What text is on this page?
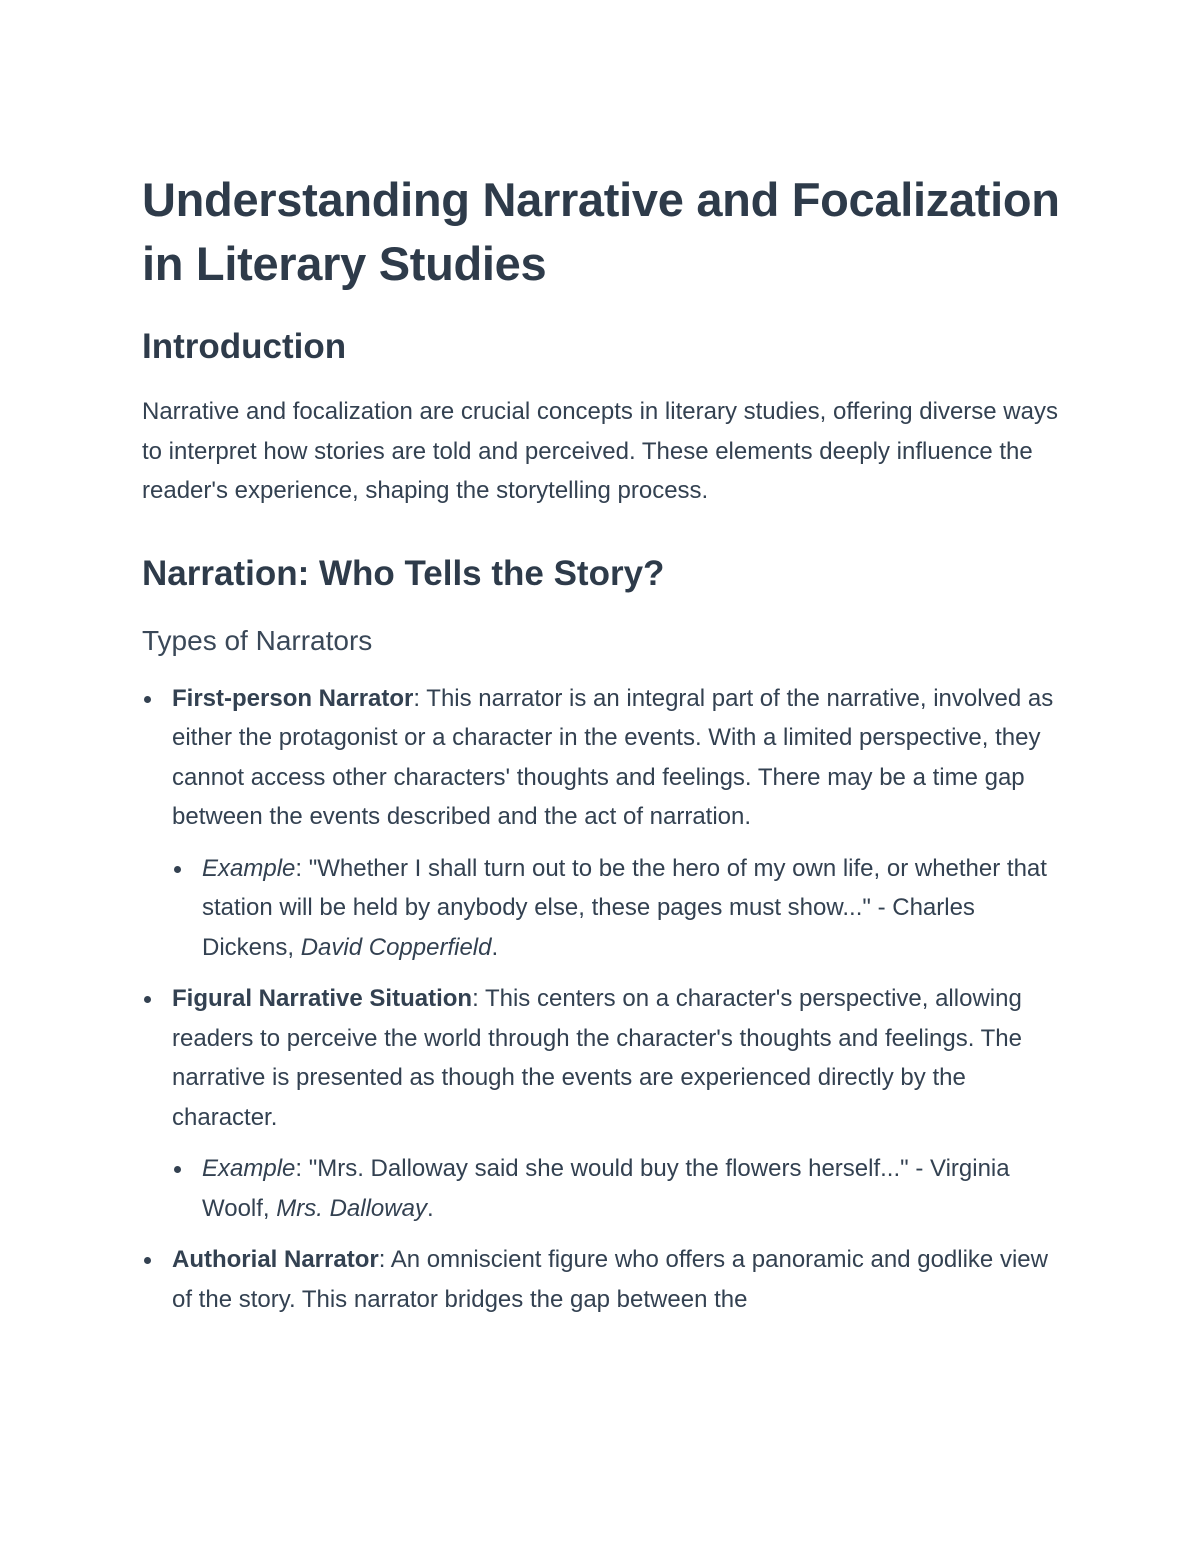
Understanding Narrative and Focalization in Literary Studies
Introduction

Narrative and focalization are crucial concepts in literary studies, offering diverse ways to interpret how stories are told and perceived. These elements deeply influence the reader's experience, shaping the storytelling process.

Narration: Who Tells the Story?
Types of Narrators
First-person Narrator: This narrator is an integral part of the narrative, involved as either the protagonist or a character in the events. With a limited perspective, they cannot access other characters' thoughts and feelings. There may be a time gap between the events described and the act of narration.
Example: "Whether I shall turn out to be the hero of my own life, or whether that station will be held by anybody else, these pages must show..." - Charles Dickens, David Copperfield.
Figural Narrative Situation: This centers on a character's perspective, allowing readers to perceive the world through the character's thoughts and feelings. The narrative is presented as though the events are experienced directly by the character.
Example: "Mrs. Dalloway said she would buy the flowers herself..." - Virginia Woolf, Mrs. Dalloway.
Authorial Narrator: An omniscient figure who offers a panoramic and godlike view of the story. This narrator bridges the gap between the
